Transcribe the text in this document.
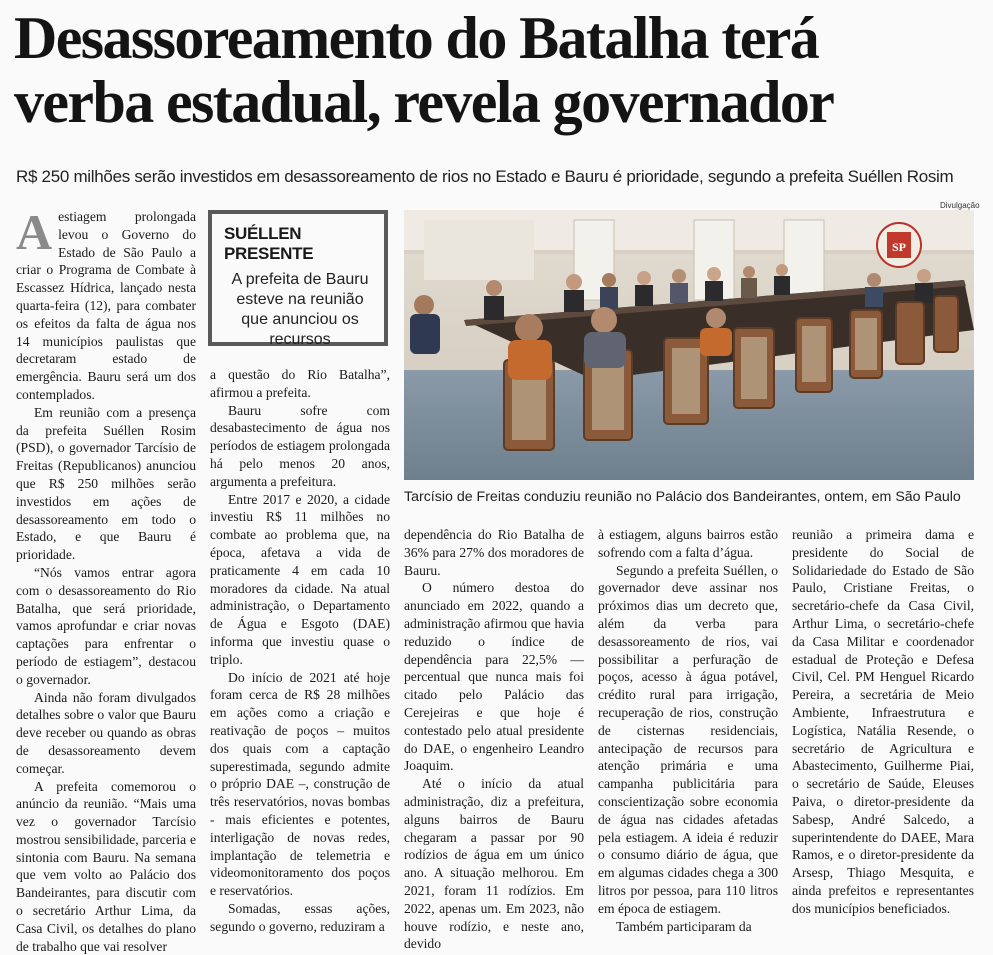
Desassoreamento do Batalha terá
verba estadual, revela governador
R$ 250 milhões serão investidos em desassoreamento de rios no Estado e Bauru é prioridade, segundo a prefeita Suéllen Rosim

Aestiagem prolongada levou o Governo do Estado de São Paulo a criar o Programa de Combate à Escassez Hídrica, lançado nesta quarta-feira (12), para combater os efeitos da falta de água nos 14 municípios paulistas que decretaram estado de emergência. Bauru será um dos contemplados.

Em reunião com a presença da prefeita Suéllen Rosim (PSD), o governador Tarcísio de Freitas (Republicanos) anunciou que R$ 250 milhões serão investidos em ações de desassoreamento em todo o Estado, e que Bauru é prioridade.

“Nós vamos entrar agora com o desassoreamento do Rio Batalha, que será prioridade, vamos aprofundar e criar novas captações para enfrentar o período de estiagem”, destacou o governador.

Ainda não foram divulgados detalhes sobre o valor que Bauru deve receber ou quando as obras de desassoreamento devem começar.

A prefeita comemorou o anúncio da reunião. “Mais uma vez o governador Tarcísio mostrou sensibilidade, parceria e sintonia com Bauru. Na semana que vem volto ao Palácio dos Bandeirantes, para discutir com o secretário Arthur Lima, da Casa Civil, os detalhes do plano de trabalho que vai resolver

SUÉLLEN PRESENTE
A prefeita de Bauru esteve na reunião que anunciou os recursos

a questão do Rio Batalha”, afirmou a prefeita.

Bauru sofre com desabastecimento de água nos períodos de estiagem prolongada há pelo menos 20 anos, argumenta a prefeitura.

Entre 2017 e 2020, a cidade investiu R$ 11 milhões no combate ao problema que, na época, afetava a vida de praticamente 4 em cada 10 moradores da cidade. Na atual administração, o Departamento de Água e Esgoto (DAE) informa que investiu quase o triplo.

Do início de 2021 até hoje foram cerca de R$ 28 milhões em ações como a criação e reativação de poços – muitos dos quais com a captação superestimada, segundo admite o próprio DAE –, construção de três reservatórios, novas bombas - mais eficientes e potentes, interligação de novas redes, implantação de telemetria e videomonitoramento dos poços e reservatórios.

Somadas, essas ações, segundo o governo, reduziram a

Divulgação
SP
Tarcísio de Freitas conduziu reunião no Palácio dos Bandeirantes, ontem, em São Paulo

dependência do Rio Batalha de 36% para 27% dos moradores de Bauru.

O número destoa do anunciado em 2022, quando a administração afirmou que havia reduzido o índice de dependência para 22,5% — percentual que nunca mais foi citado pelo Palácio das Cerejeiras e que hoje é contestado pelo atual presidente do DAE, o engenheiro Leandro Joaquim.

Até o início da atual administração, diz a prefeitura, alguns bairros de Bauru chegaram a passar por 90 rodízios de água em um único ano. A situação melhorou. Em 2021, foram 11 rodízios. Em 2022, apenas um. Em 2023, não houve rodízio, e neste ano, devido

à estiagem, alguns bairros estão sofrendo com a falta d’água.

Segundo a prefeita Suéllen, o governador deve assinar nos próximos dias um decreto que, além da verba para desassoreamento de rios, vai possibilitar a perfuração de poços, acesso à água potável, crédito rural para irrigação, recuperação de rios, construção de cisternas residenciais, antecipação de recursos para atenção primária e uma campanha publicitária para conscientização sobre economia de água nas cidades afetadas pela estiagem. A ideia é reduzir o consumo diário de água, que em algumas cidades chega a 300 litros por pessoa, para 110 litros em época de estiagem.

Também participaram da

reunião a primeira dama e presidente do Social de Solidariedade do Estado de São Paulo, Cristiane Freitas, o secretário-chefe da Casa Civil, Arthur Lima, o secretário-chefe da Casa Militar e coordenador estadual de Proteção e Defesa Civil, Cel. PM Henguel Ricardo Pereira, a secretária de Meio Ambiente, Infraestrutura e Logística, Natália Resende, o secretário de Agricultura e Abastecimento, Guilherme Piai, o secretário de Saúde, Eleuses Paiva, o diretor-presidente da Sabesp, André Salcedo, a superintendente do DAEE, Mara Ramos, e o diretor-presidente da Arsesp, Thiago Mesquita, e ainda prefeitos e representantes dos municípios beneficiados.
